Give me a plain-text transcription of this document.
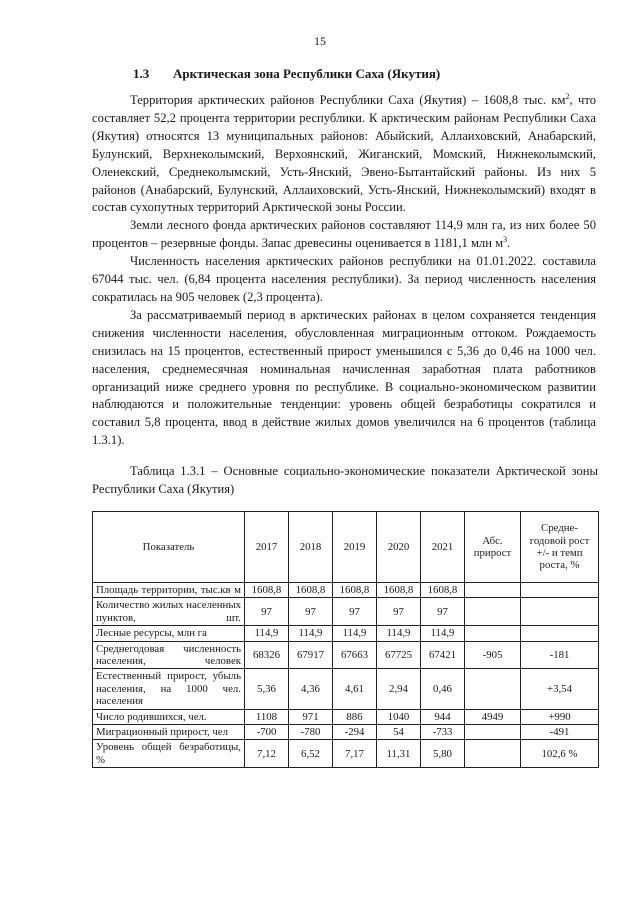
15
1.3 Арктическая зона Республики Саха (Якутия)

Территория арктических районов Республики Саха (Якутия) – 1608,8 тыс. $км^2$, что составляет 52,2 процента территории республики. К арктическим районам Республики Саха (Якутия) относятся 13 муниципальных районов: Абыйский, Аллаиховский, Анабарский, Булунский, Верхнеколымский, Верхоянский, Жиганский, Момский, Нижнеколымский, Оленекский, Среднеколымский, Усть-Янский, Эвено-Бытантайский районы. Из них 5 районов (Анабарский, Булунский, Аллаиховский, Усть-Янский, Нижнеколымский) входят в состав сухопутных территорий Арктической зоны России.

Земли лесного фонда арктических районов составляют 114,9 млн га, из них более 50 процентов – резервные фонды. Запас древесины оценивается в 1181,1 млн $м^3$.

Численность населения арктических районов республики на 01.01.2022. составила 67044 тыс. чел. (6,84 процента населения республики). За период численность населения сократилась на 905 человек (2,3 процента).

За рассматриваемый период в арктических районах в целом сохраняется тенденция снижения численности населения, обусловленная миграционным оттоком. Рождаемость снизилась на 15 процентов, естественный прирост уменьшился с 5,36 до 0,46 на 1000 чел. населения, среднемесячная номинальная начисленная заработная плата работников организаций ниже среднего уровня по республике. В социально-экономическом развитии наблюдаются и положительные тенденции: уровень общей безработицы сократился и составил 5,8 процента, ввод в действие жилых домов увеличился на 6 процентов (таблица 1.3.1).

Таблица 1.3.1 – Основные социально-экономические показатели Арктической зоны Республики Саха (Якутия)

Показатель	2017	2018	2019	2020	2021	Абс. прирост	Средне-годовой рост +/- и темп роста, %
Площадь территории, тыс.кв м	1608,8	1608,8	1608,8	1608,8	1608,8		
Количество жилых населенных пунктов, шт.	97	97	97	97	97		
Лесные ресурсы, млн га	114,9	114,9	114,9	114,9	114,9		
Среднегодовая численность населения, человек	68326	67917	67663	67725	67421	-905	-181
Естественный прирост, убыль населения, на 1000 чел. населения	5,36	4,36	4,61	2,94	0,46		+3,54
Число родившихся, чел.	1108	971	886	1040	944	4949	+990
Миграционный прирост, чел	-700	-780	-294	54	-733		-491
Уровень общей безработицы, %	7,12	6,52	7,17	11,31	5,80		102,6 %
